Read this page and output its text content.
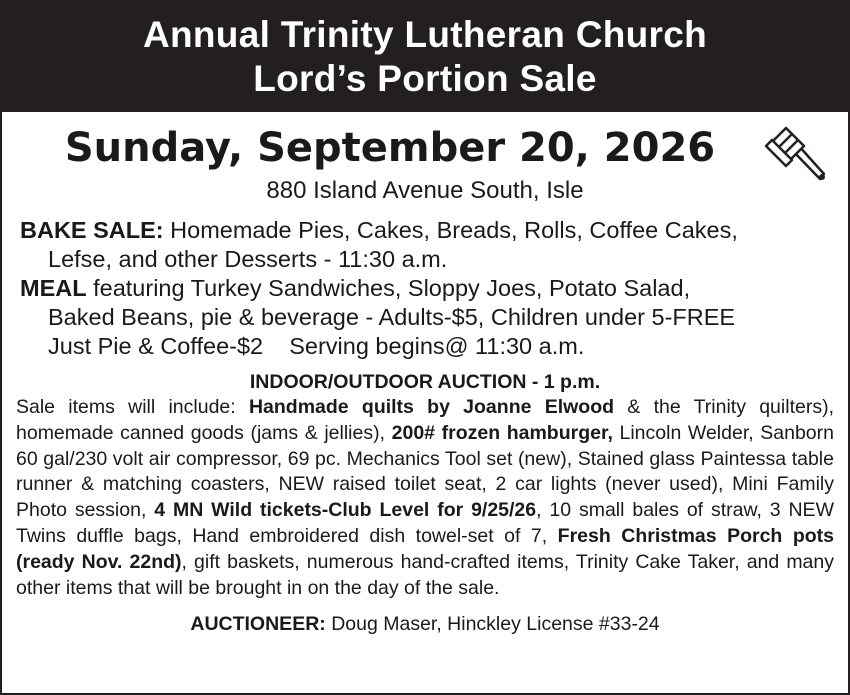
Annual Trinity Lutheran Church
Lord’s Portion Sale
Sunday, September 20, 2026
880 Island Avenue South, Isle
BAKE SALE: Homemade Pies, Cakes, Breads, Rolls, Coffee Cakes,
Lefse, and other Desserts - 11:30 a.m.
MEAL featuring Turkey Sandwiches, Sloppy Joes, Potato Salad,
Baked Beans, pie & beverage - Adults-$5, Children under 5-FREE
Just Pie & Coffee-$2    Serving begins@ 11:30 a.m.
INDOOR/OUTDOOR AUCTION - 1 p.m.
Sale items will include: Handmade quilts by Joanne Elwood & the Trinity quilters), homemade canned goods (jams & jellies), 200# frozen hamburger, Lincoln Welder, Sanborn 60 gal/230 volt air compressor, 69 pc. Mechanics Tool set (new), Stained glass Paintessa table runner & matching coasters, NEW raised toilet seat, 2 car lights (never used), Mini Family Photo session, 4 MN Wild tickets-Club Level for 9/25/26, 10 small bales of straw, 3 NEW Twins duffle bags, Hand embroidered dish towel-set of 7, Fresh Christmas Porch pots (ready Nov. 22nd), gift baskets, numerous hand-crafted items, Trinity Cake Taker, and many other items that will be brought in on the day of the sale.
AUCTIONEER: Doug Maser, Hinckley License #33-24
